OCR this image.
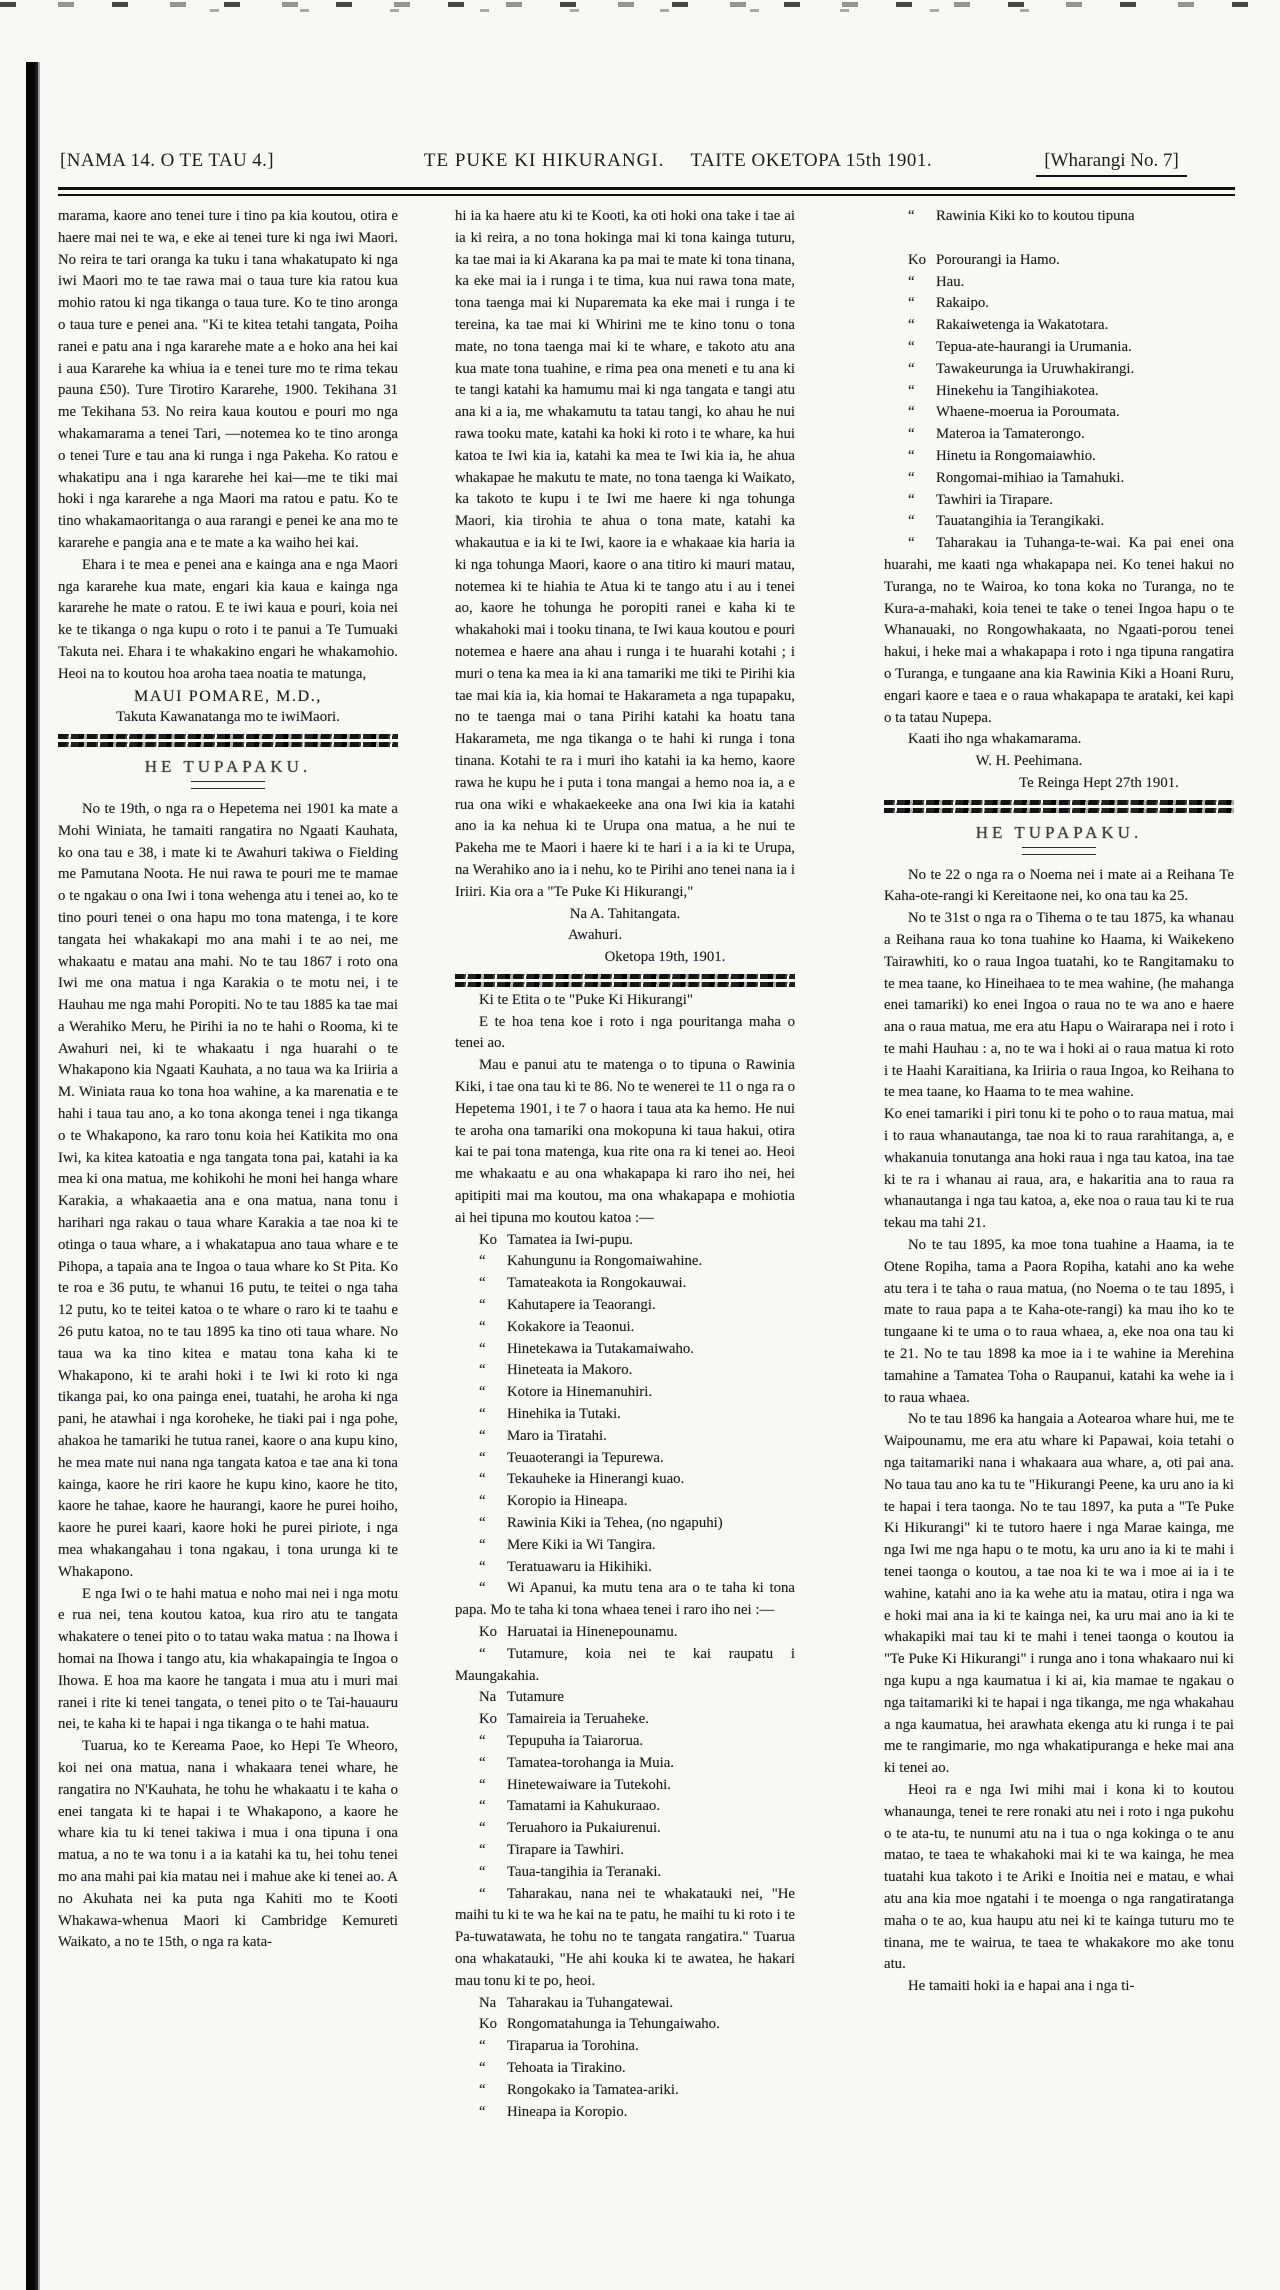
[NAMA 14. O TE TAU 4.]	TE PUKE KI HIKURANGI. TAITE OKETOPA 15th 1901.	[Wharangi No. 7]

marama, kaore ano tenei ture i tino pa kia koutou, otira e haere mai nei te wa, e eke ai tenei ture ki nga iwi Maori. No reira te tari oranga ka tuku i tana whakatupato ki nga iwi Maori mo te tae rawa mai o taua ture kia ratou kua mohio ratou ki nga tikanga o taua ture. Ko te tino aronga o taua ture e penei ana. "Ki te kitea tetahi tangata, Poiha ranei e patu ana i nga kararehe mate a e hoko ana hei kai i aua Kararehe ka whiua ia e tenei ture mo te rima tekau pauna £50). Ture Tirotiro Kararehe, 1900. Tekihana 31 me Tekihana 53. No reira kaua koutou e pouri mo nga whakamarama a tenei Tari, —notemea ko te tino aronga o tenei Ture e tau ana ki runga i nga Pakeha. Ko ratou e whakatipu ana i nga kararehe hei kai—me te tiki mai hoki i nga kararehe a nga Maori ma ratou e patu. Ko te tino whakamaoritanga o aua rarangi e penei ke ana mo te kararehe e pangia ana e te mate a ka waiho hei kai.

Ehara i te mea e penei ana e kainga ana e nga Maori nga kararehe kua mate, engari kia kaua e kainga nga kararehe he mate o ratou. E te iwi kaua e pouri, koia nei ke te tikanga o nga kupu o roto i te panui a Te Tumuaki Takuta nei. Ehara i te whakakino engari he whakamohio. Heoi na to koutou hoa aroha taea noatia te matunga,

MAUI POMARE, M.D.,

Takuta Kawanatanga mo te iwiMaori.

HE TUPAPAKU.

No te 19th, o nga ra o Hepetema nei 1901 ka mate a Mohi Winiata, he tamaiti rangatira no Ngaati Kauhata, ko ona tau e 38, i mate ki te Awahuri takiwa o Fielding me Pamutana Noota. He nui rawa te pouri me te mamae o te ngakau o ona Iwi i tona wehenga atu i tenei ao, ko te tino pouri tenei o ona hapu mo tona matenga, i te kore tangata hei whakakapi mo ana mahi i te ao nei, me whakaatu e matau ana mahi. No te tau 1867 i roto ona Iwi me ona matua i nga Karakia o te motu nei, i te Hauhau me nga mahi Poropiti. No te tau 1885 ka tae mai a Werahiko Meru, he Pirihi ia no te hahi o Rooma, ki te Awahuri nei, ki te whakaatu i nga huarahi o te Whakapono kia Ngaati Kauhata, a no taua wa ka Iriiria a M. Winiata raua ko tona hoa wahine, a ka marenatia e te hahi i taua tau ano, a ko tona akonga tenei i nga tikanga o te Whakapono, ka raro tonu koia hei Katikita mo ona Iwi, ka kitea katoatia e nga tangata tona pai, katahi ia ka mea ki ona matua, me kohikohi he moni hei hanga whare Karakia, a whakaaetia ana e ona matua, nana tonu i harihari nga rakau o taua whare Karakia a tae noa ki te otinga o taua whare, a i whakatapua ano taua whare e te Pihopa, a tapaia ana te Ingoa o taua whare ko St Pita. Ko te roa e 36 putu, te whanui 16 putu, te teitei o nga taha 12 putu, ko te teitei katoa o te whare o raro ki te taahu e 26 putu katoa, no te tau 1895 ka tino oti taua whare. No taua wa ka tino kitea e matau tona kaha ki te Whakapono, ki te arahi hoki i te Iwi ki roto ki nga tikanga pai, ko ona painga enei, tuatahi, he aroha ki nga pani, he atawhai i nga koroheke, he tiaki pai i nga pohe, ahakoa he tamariki he tutua ranei, kaore o ana kupu kino, he mea mate nui nana nga tangata katoa e tae ana ki tona kainga, kaore he riri kaore he kupu kino, kaore he tito, kaore he tahae, kaore he haurangi, kaore he purei hoiho, kaore he purei kaari, kaore hoki he purei piriote, i nga mea whakangahau i tona ngakau, i tona urunga ki te Whakapono.

E nga Iwi o te hahi matua e noho mai nei i nga motu e rua nei, tena koutou katoa, kua riro atu te tangata whakatere o tenei pito o to tatau waka matua : na Ihowa i homai na Ihowa i tango atu, kia whakapaingia te Ingoa o Ihowa. E hoa ma kaore he tangata i mua atu i muri mai ranei i rite ki tenei tangata, o tenei pito o te Tai-hauauru nei, te kaha ki te hapai i nga tikanga o te hahi matua.

Tuarua, ko te Kereama Paoe, ko Hepi Te Wheoro, koi nei ona matua, nana i whakaara tenei whare, he rangatira no N'Kauhata, he tohu he whakaatu i te kaha o enei tangata ki te hapai i te Whakapono, a kaore he whare kia tu ki tenei takiwa i mua i ona tipuna i ona matua, a no te wa tonu i a ia katahi ka tu, hei tohu tenei mo ana mahi pai kia matau nei i mahue ake ki tenei ao. A no Akuhata nei ka puta nga Kahiti mo te Kooti Whakawa-whenua Maori ki Cambridge Kemureti Waikato, a no te 15th, o nga ra kata-

hi ia ka haere atu ki te Kooti, ka oti hoki ona take i tae ai ia ki reira, a no tona hokinga mai ki tona kainga tuturu, ka tae mai ia ki Akarana ka pa mai te mate ki tona tinana, ka eke mai ia i runga i te tima, kua nui rawa tona mate, tona taenga mai ki Nuparemata ka eke mai i runga i te tereina, ka tae mai ki Whirini me te kino tonu o tona mate, no tona taenga mai ki te whare, e takoto atu ana kua mate tona tuahine, e rima pea ona meneti e tu ana ki te tangi katahi ka hamumu mai ki nga tangata e tangi atu ana ki a ia, me whakamutu ta tatau tangi, ko ahau he nui rawa tooku mate, katahi ka hoki ki roto i te whare, ka hui katoa te Iwi kia ia, katahi ka mea te Iwi kia ia, he ahua whakapae he makutu te mate, no tona taenga ki Waikato, ka takoto te kupu i te Iwi me haere ki nga tohunga Maori, kia tirohia te ahua o tona mate, katahi ka whakautua e ia ki te Iwi, kaore ia e whakaae kia haria ia ki nga tohunga Maori, kaore o ana titiro ki mauri matau, notemea ki te hiahia te Atua ki te tango atu i au i tenei ao, kaore he tohunga he poropiti ranei e kaha ki te whakahoki mai i tooku tinana, te Iwi kaua koutou e pouri notemea e haere ana ahau i runga i te huarahi kotahi ; i muri o tena ka mea ia ki ana tamariki me tiki te Pirihi kia tae mai kia ia, kia homai te Hakarameta a nga tupapaku, no te taenga mai o tana Pirihi katahi ka hoatu tana Hakarameta, me nga tikanga o te hahi ki runga i tona tinana. Kotahi te ra i muri iho katahi ia ka hemo, kaore rawa he kupu he i puta i tona mangai a hemo noa ia, a e rua ona wiki e whakaekeeke ana ona Iwi kia ia katahi ano ia ka nehua ki te Urupa ona matua, a he nui te Pakeha me te Maori i haere ki te hari i a ia ki te Urupa, na Werahiko ano ia i nehu, ko te Pirihi ano tenei nana ia i Iriiri. Kia ora a "Te Puke Ki Hikurangi,"

Na A. Tahitangata.

Awahuri.

Oketopa 19th, 1901.

Ki te Etita o te "Puke Ki Hikurangi"

E te hoa tena koe i roto i nga pouritanga maha o tenei ao.

Mau e panui atu te matenga o to tipuna o Rawinia Kiki, i tae ona tau ki te 86. No te wenerei te 11 o nga ra o Hepetema 1901, i te 7 o haora i taua ata ka hemo. He nui te aroha ona tamariki ona mokopuna ki taua hakui, otira kai te pai tona matenga, kua rite ona ra ki tenei ao. Heoi me whakaatu e au ona whakapapa ki raro iho nei, hei apitipiti mai ma koutou, ma ona whakapapa e mohiotia ai hei tipuna mo koutou katoa :—

Ko Tamatea ia Iwi-pupu.

“ Kahungunu ia Rongomaiwahine.

“ Tamateakota ia Rongokauwai.

“ Kahutapere ia Teaorangi.

“ Kokakore ia Teaonui.

“ Hinetekawa ia Tutakamaiwaho.

“ Hineteata ia Makoro.

“ Kotore ia Hinemanuhiri.

“ Hinehika ia Tutaki.

“ Maro ia Tiratahi.

“ Teuaoterangi ia Tepurewa.

“ Tekauheke ia Hinerangi kuao.

“ Koropio ia Hineapa.

“ Rawinia Kiki ia Tehea, (no ngapuhi)

“ Mere Kiki ia Wi Tangira.

“ Teratuawaru ia Hikihiki.

“ Wi Apanui, ka mutu tena ara o te taha ki tona papa. Mo te taha ki tona whaea tenei i raro iho nei :—

Ko Haruatai ia Hinenepounamu.

“ Tutamure, koia nei te kai raupatu i Maungakahia.

Na Tutamure

Ko Tamaireia ia Teruaheke.

“ Tepupuha ia Taiarorua.

“ Tamatea-torohanga ia Muia.

“ Hinetewaiware ia Tutekohi.

“ Tamatami ia Kahukuraao.

“ Teruahoro ia Pukaiurenui.

“ Tirapare ia Tawhiri.

“ Taua-tangihia ia Teranaki.

“ Taharakau, nana nei te whakatauki nei, "He maihi tu ki te wa he kai na te patu, he maihi tu ki roto i te Pa-tuwatawata, he tohu no te tangata rangatira." Tuarua ona whakatauki, "He ahi kouka ki te awatea, he hakari mau tonu ki te po, heoi.

Na Taharakau ia Tuhangatewai.

Ko Rongomatahunga ia Tehungaiwaho.

“ Tiraparua ia Torohina.

“ Tehoata ia Tirakino.

“ Rongokako ia Tamatea-ariki.

“ Hineapa ia Koropio.

“ Rawinia Kiki ko to koutou tipuna

Ko Porourangi ia Hamo.

“ Hau.

“ Rakaipo.

“ Rakaiwetenga ia Wakatotara.

“ Tepua-ate-haurangi ia Urumania.

“ Tawakeurunga ia Uruwhakirangi.

“ Hinekehu ia Tangihiakotea.

“ Whaene-moerua ia Poroumata.

“ Materoa ia Tamaterongo.

“ Hinetu ia Rongomaiawhio.

“ Rongomai-mihiao ia Tamahuki.

“ Tawhiri ia Tirapare.

“ Tauatangihia ia Terangikaki.

“ Taharakau ia Tuhanga-te-wai. Ka pai enei ona huarahi, me kaati nga whakapapa nei. Ko tenei hakui no Turanga, no te Wairoa, ko tona koka no Turanga, no te Kura-a-mahaki, koia tenei te take o tenei Ingoa hapu o te Whanauaki, no Rongowhakaata, no Ngaati-porou tenei hakui, i heke mai a whakapapa i roto i nga tipuna rangatira o Turanga, e tungaane ana kia Rawinia Kiki a Hoani Ruru, engari kaore e taea e o raua whakapapa te arataki, kei kapi o ta tatau Nupepa.

Kaati iho nga whakamarama.

W. H. Peehimana.

Te Reinga Hept 27th 1901.

HE TUPAPAKU.

No te 22 o nga ra o Noema nei i mate ai a Reihana Te Kaha-ote-rangi ki Kereitaone nei, ko ona tau ka 25.

No te 31st o nga ra o Tihema o te tau 1875, ka whanau a Reihana raua ko tona tuahine ko Haama, ki Waikekeno Tairawhiti, ko o raua Ingoa tuatahi, ko te Rangitamaku to te mea taane, ko Hineihaea to te mea wahine, (he mahanga enei tamariki) ko enei Ingoa o raua no te wa ano e haere ana o raua matua, me era atu Hapu o Wairarapa nei i roto i te mahi Hauhau : a, no te wa i hoki ai o raua matua ki roto i te Haahi Karaitiana, ka Iriiria o raua Ingoa, ko Reihana to te mea taane, ko Haama to te mea wahine.

Ko enei tamariki i piri tonu ki te poho o to raua matua, mai i to raua whanautanga, tae noa ki to raua rarahitanga, a, e whakanuia tonutanga ana hoki raua i nga tau katoa, ina tae ki te ra i whanau ai raua, ara, e hakaritia ana to raua ra whanautanga i nga tau katoa, a, eke noa o raua tau ki te rua tekau ma tahi 21.

No te tau 1895, ka moe tona tuahine a Haama, ia te Otene Ropiha, tama a Paora Ropiha, katahi ano ka wehe atu tera i te taha o raua matua, (no Noema o te tau 1895, i mate to raua papa a te Kaha-ote-rangi) ka mau iho ko te tungaane ki te uma o to raua whaea, a, eke noa ona tau ki te 21. No te tau 1898 ka moe ia i te wahine ia Merehina tamahine a Tamatea Toha o Raupanui, katahi ka wehe ia i to raua whaea.

No te tau 1896 ka hangaia a Aotearoa whare hui, me te Waipounamu, me era atu whare ki Papawai, koia tetahi o nga taitamariki nana i whakaara aua whare, a, oti pai ana. No taua tau ano ka tu te "Hikurangi Peene, ka uru ano ia ki te hapai i tera taonga. No te tau 1897, ka puta a "Te Puke Ki Hikurangi" ki te tutoro haere i nga Marae kainga, me nga Iwi me nga hapu o te motu, ka uru ano ia ki te mahi i tenei taonga o koutou, a tae noa ki te wa i moe ai ia i te wahine, katahi ano ia ka wehe atu ia matau, otira i nga wa e hoki mai ana ia ki te kainga nei, ka uru mai ano ia ki te whakapiki mai tau ki te mahi i tenei taonga o koutou ia "Te Puke Ki Hikurangi" i runga ano i tona whakaaro nui ki nga kupu a nga kaumatua i ki ai, kia mamae te ngakau o nga taitamariki ki te hapai i nga tikanga, me nga whakahau a nga kaumatua, hei arawhata ekenga atu ki runga i te pai me te rangimarie, mo nga whakatipuranga e heke mai ana ki tenei ao.

Heoi ra e nga Iwi mihi mai i kona ki to koutou whanaunga, tenei te rere ronaki atu nei i roto i nga pukohu o te ata-tu, te nunumi atu na i tua o nga kokinga o te anu matao, te taea te whakahoki mai ki te wa kainga, he mea tuatahi kua takoto i te Ariki e Inoitia nei e matau, e whai atu ana kia moe ngatahi i te moenga o nga rangatiratanga maha o te ao, kua haupu atu nei ki te kainga tuturu mo te tinana, me te wairua, te taea te whakakore mo ake tonu atu.

He tamaiti hoki ia e hapai ana i nga ti-
